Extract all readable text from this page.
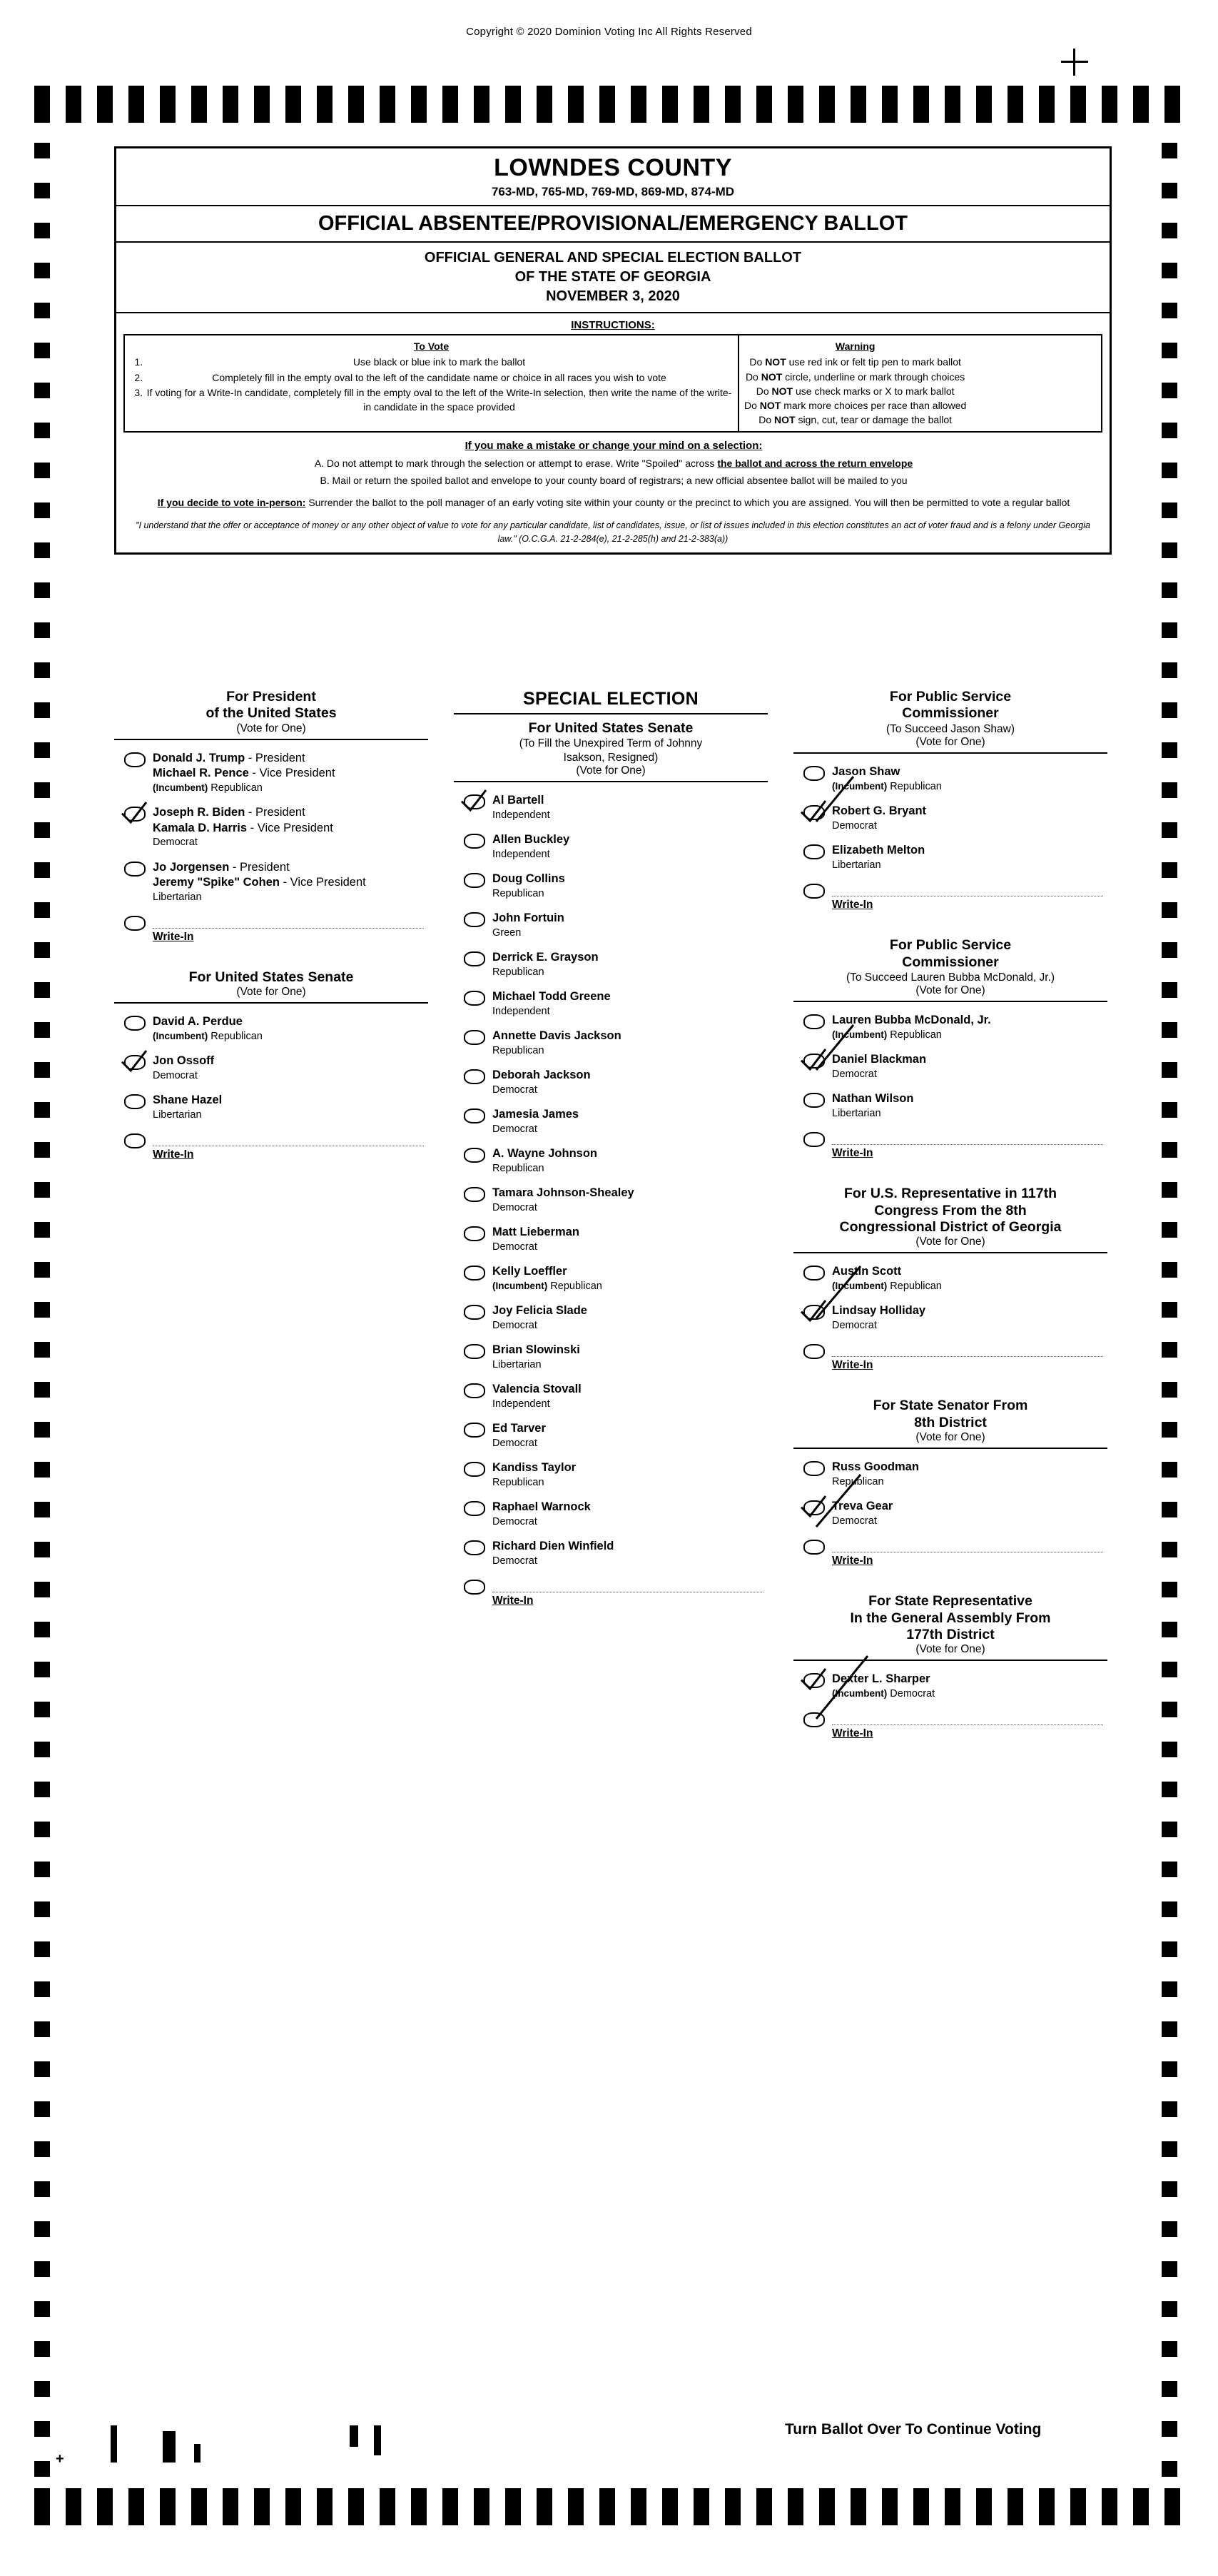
Copyright © 2020 Dominion Voting Inc All Rights Reserved
+
LOWNDES COUNTY
763-MD, 765-MD, 769-MD, 869-MD, 874-MD
OFFICIAL ABSENTEE/PROVISIONAL/EMERGENCY BALLOT
OFFICIAL GENERAL AND SPECIAL ELECTION BALLOT
OF THE STATE OF GEORGIA
NOVEMBER 3, 2020
INSTRUCTIONS:
To Vote
1. Use black or blue ink to mark the ballot
2. Completely fill in the empty oval to the left of the candidate name or choice in all races you wish to vote
3. If voting for a Write-In candidate, completely fill in the empty oval to the left of the Write-In selection, then write the name of the write-in candidate in the space provided
Warning
Do NOT use red ink or felt tip pen to mark ballot
Do NOT circle, underline or mark through choices
Do NOT use check marks or X to mark ballot
Do NOT mark more choices per race than allowed
Do NOT sign, cut, tear or damage the ballot
If you make a mistake or change your mind on a selection:
A. Do not attempt to mark through the selection or attempt to erase. Write "Spoiled" across the ballot and across the return envelope
B. Mail or return the spoiled ballot and envelope to your county board of registrars; a new official absentee ballot will be mailed to you
If you decide to vote in-person: Surrender the ballot to the poll manager of an early voting site within your county or the precinct to which you are assigned. You will then be permitted to vote a regular ballot
"I understand that the offer or acceptance of money or any other object of value to vote for any particular candidate, list of candidates, issue, or list of issues included in this election constitutes an act of voter fraud and is a felony under Georgia law." (O.C.G.A. 21-2-284(e), 21-2-285(h) and 21-2-383(a))
For President
of the United States
(Vote for One)
Donald J. Trump - President
Michael R. Pence - Vice President
(Incumbent) Republican
Joseph R. Biden - President
Kamala D. Harris - Vice President
Democrat
Jo Jorgensen - President
Jeremy "Spike" Cohen - Vice President
Libertarian
Write-In
For United States Senate
(Vote for One)
David A. Perdue
(Incumbent) Republican
Jon Ossoff
Democrat
Shane Hazel
Libertarian
Write-In
SPECIAL ELECTION
For United States Senate
(To Fill the Unexpired Term of Johnny
Isakson, Resigned)
(Vote for One)
Al Bartell
Independent
Allen Buckley
Independent
Doug Collins
Republican
John Fortuin
Green
Derrick E. Grayson
Republican
Michael Todd Greene
Independent
Annette Davis Jackson
Republican
Deborah Jackson
Democrat
Jamesia James
Democrat
A. Wayne Johnson
Republican
Tamara Johnson-Shealey
Democrat
Matt Lieberman
Democrat
Kelly Loeffler
(Incumbent) Republican
Joy Felicia Slade
Democrat
Brian Slowinski
Libertarian
Valencia Stovall
Independent
Ed Tarver
Democrat
Kandiss Taylor
Republican
Raphael Warnock
Democrat
Richard Dien Winfield
Democrat
Write-In
For Public Service
Commissioner
(To Succeed Jason Shaw)
(Vote for One)
Jason Shaw
(Incumbent) Republican
Robert G. Bryant
Democrat
Elizabeth Melton
Libertarian
Write-In
For Public Service
Commissioner
(To Succeed Lauren Bubba McDonald, Jr.)
(Vote for One)
Lauren Bubba McDonald, Jr.
(Incumbent) Republican
Daniel Blackman
Democrat
Nathan Wilson
Libertarian
Write-In
For U.S. Representative in 117th
Congress From the 8th
Congressional District of Georgia
(Vote for One)
Austin Scott
(Incumbent) Republican
Lindsay Holliday
Democrat
Write-In
For State Senator From
8th District
(Vote for One)
Russ Goodman
Republican
Treva Gear
Democrat
Write-In
For State Representative
In the General Assembly From
177th District
(Vote for One)
Dexter L. Sharper
(Incumbent) Democrat
Write-In
Turn Ballot Over To Continue Voting
